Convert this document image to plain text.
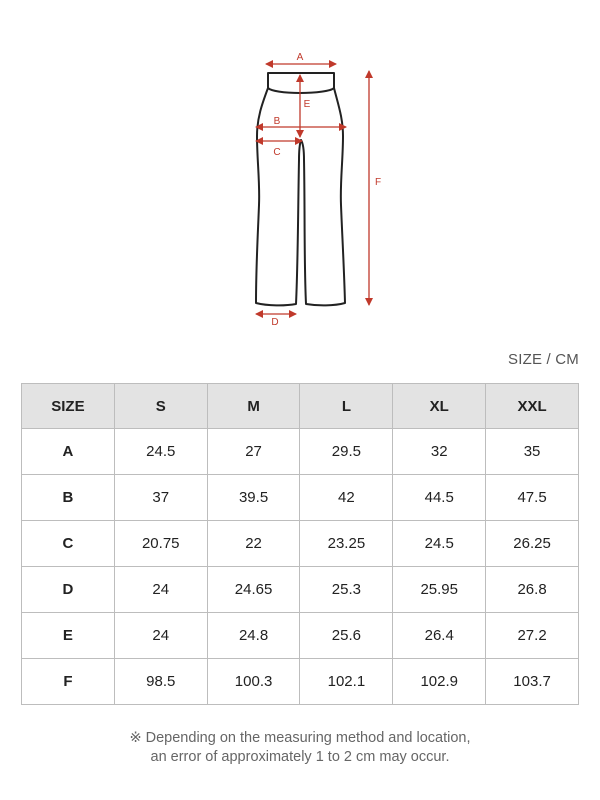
A
E
B
C
F
D
SIZE / CM
SIZE	S	M	L	XL	XXL
A	24.5	27	29.5	32	35
B	37	39.5	42	44.5	47.5
C	20.75	22	23.25	24.5	26.25
D	24	24.65	25.3	25.95	26.8
E	24	24.8	25.6	26.4	27.2
F	98.5	100.3	102.1	102.9	103.7
※ Depending on the measuring method and location,
an error of approximately 1 to 2 cm may occur.
